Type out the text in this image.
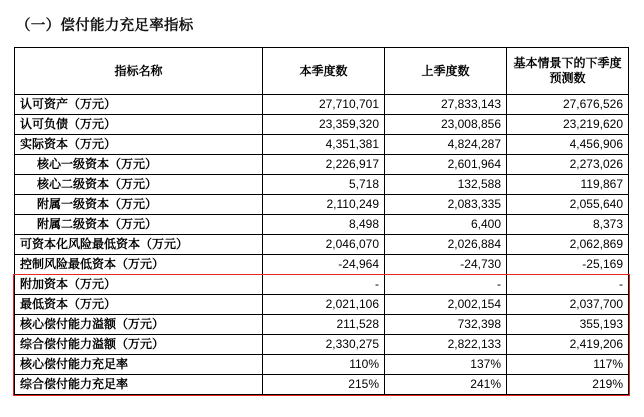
（一）偿付能力充足率指标
指标名称	本季度数	上季度数	基本情景下的下季度预测数
认可资产（万元）	27,710,701	27,833,143	27,676,526
认可负债（万元）	23,359,320	23,008,856	23,219,620
实际资本（万元）	4,351,381	4,824,287	4,456,906
核心一级资本（万元）	2,226,917	2,601,964	2,273,026
核心二级资本（万元）	5,718	132,588	119,867
附属一级资本（万元）	2,110,249	2,083,335	2,055,640
附属二级资本（万元）	8,498	6,400	8,373
可资本化风险最低资本（万元）	2,046,070	2,026,884	2,062,869
控制风险最低资本（万元）	-24,964	-24,730	-25,169
附加资本（万元）	-	-	-
最低资本（万元）	2,021,106	2,002,154	2,037,700
核心偿付能力溢额（万元）	211,528	732,398	355,193
综合偿付能力溢额（万元）	2,330,275	2,822,133	2,419,206
核心偿付能力充足率	110%	137%	117%
综合偿付能力充足率	215%	241%	219%
